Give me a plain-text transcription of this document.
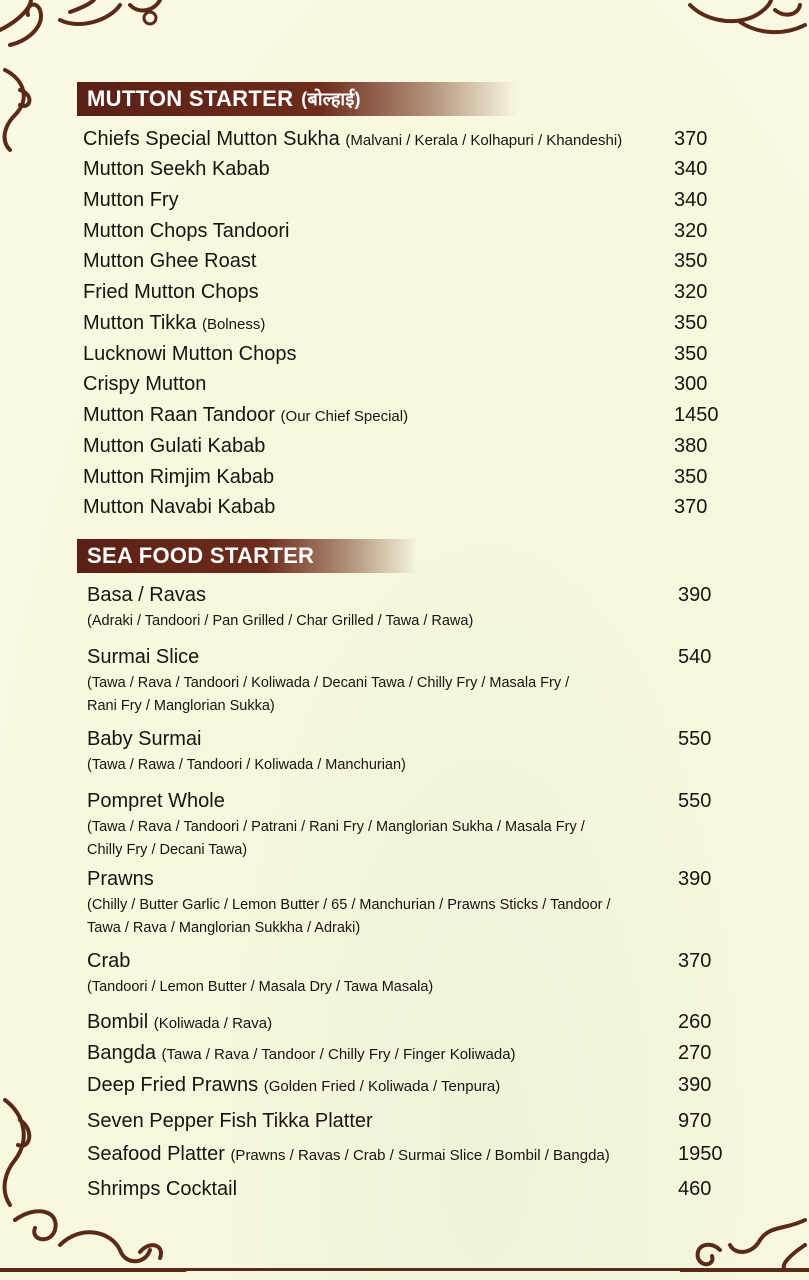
MUTTON STARTER (बोल्हाई)
Chiefs Special Mutton Sukha (Malvani / Kerala / Kolhapuri / Khandeshi)	370
Mutton Seekh Kabab	340
Mutton Fry	340
Mutton Chops Tandoori	320
Mutton Ghee Roast	350
Fried Mutton Chops	320
Mutton Tikka (Bolness)	350
Lucknowi Mutton Chops	350
Crispy Mutton	300
Mutton Raan Tandoor (Our Chief Special)	1450
Mutton Gulati Kabab	380
Mutton Rimjim Kabab	350
Mutton Navabi Kabab	370
SEA FOOD STARTER
Basa / Ravas	390
(Adraki / Tandoori / Pan Grilled / Char Grilled / Tawa / Rawa)
Surmai Slice	540
(Tawa / Rava / Tandoori / Koliwada / Decani Tawa / Chilly Fry / Masala Fry /
Rani Fry / Manglorian Sukka)
Baby Surmai	550
(Tawa / Rawa / Tandoori / Koliwada / Manchurian)
Pompret Whole	550
(Tawa / Rava / Tandoori / Patrani / Rani Fry / Manglorian Sukha / Masala Fry /
Chilly Fry / Decani Tawa)
Prawns	390
(Chilly / Butter Garlic / Lemon Butter / 65 / Manchurian / Prawns Sticks / Tandoor /
Tawa / Rava / Manglorian Sukkha / Adraki)
Crab	370
(Tandoori / Lemon Butter / Masala Dry / Tawa Masala)
Bombil (Koliwada / Rava)	260
Bangda (Tawa / Rava / Tandoor / Chilly Fry / Finger Koliwada)	270
Deep Fried Prawns (Golden Fried / Koliwada / Tenpura)	390
Seven Pepper Fish Tikka Platter	970
Seafood Platter (Prawns / Ravas / Crab / Surmai Slice / Bombil / Bangda)	1950
Shrimps Cocktail	460
